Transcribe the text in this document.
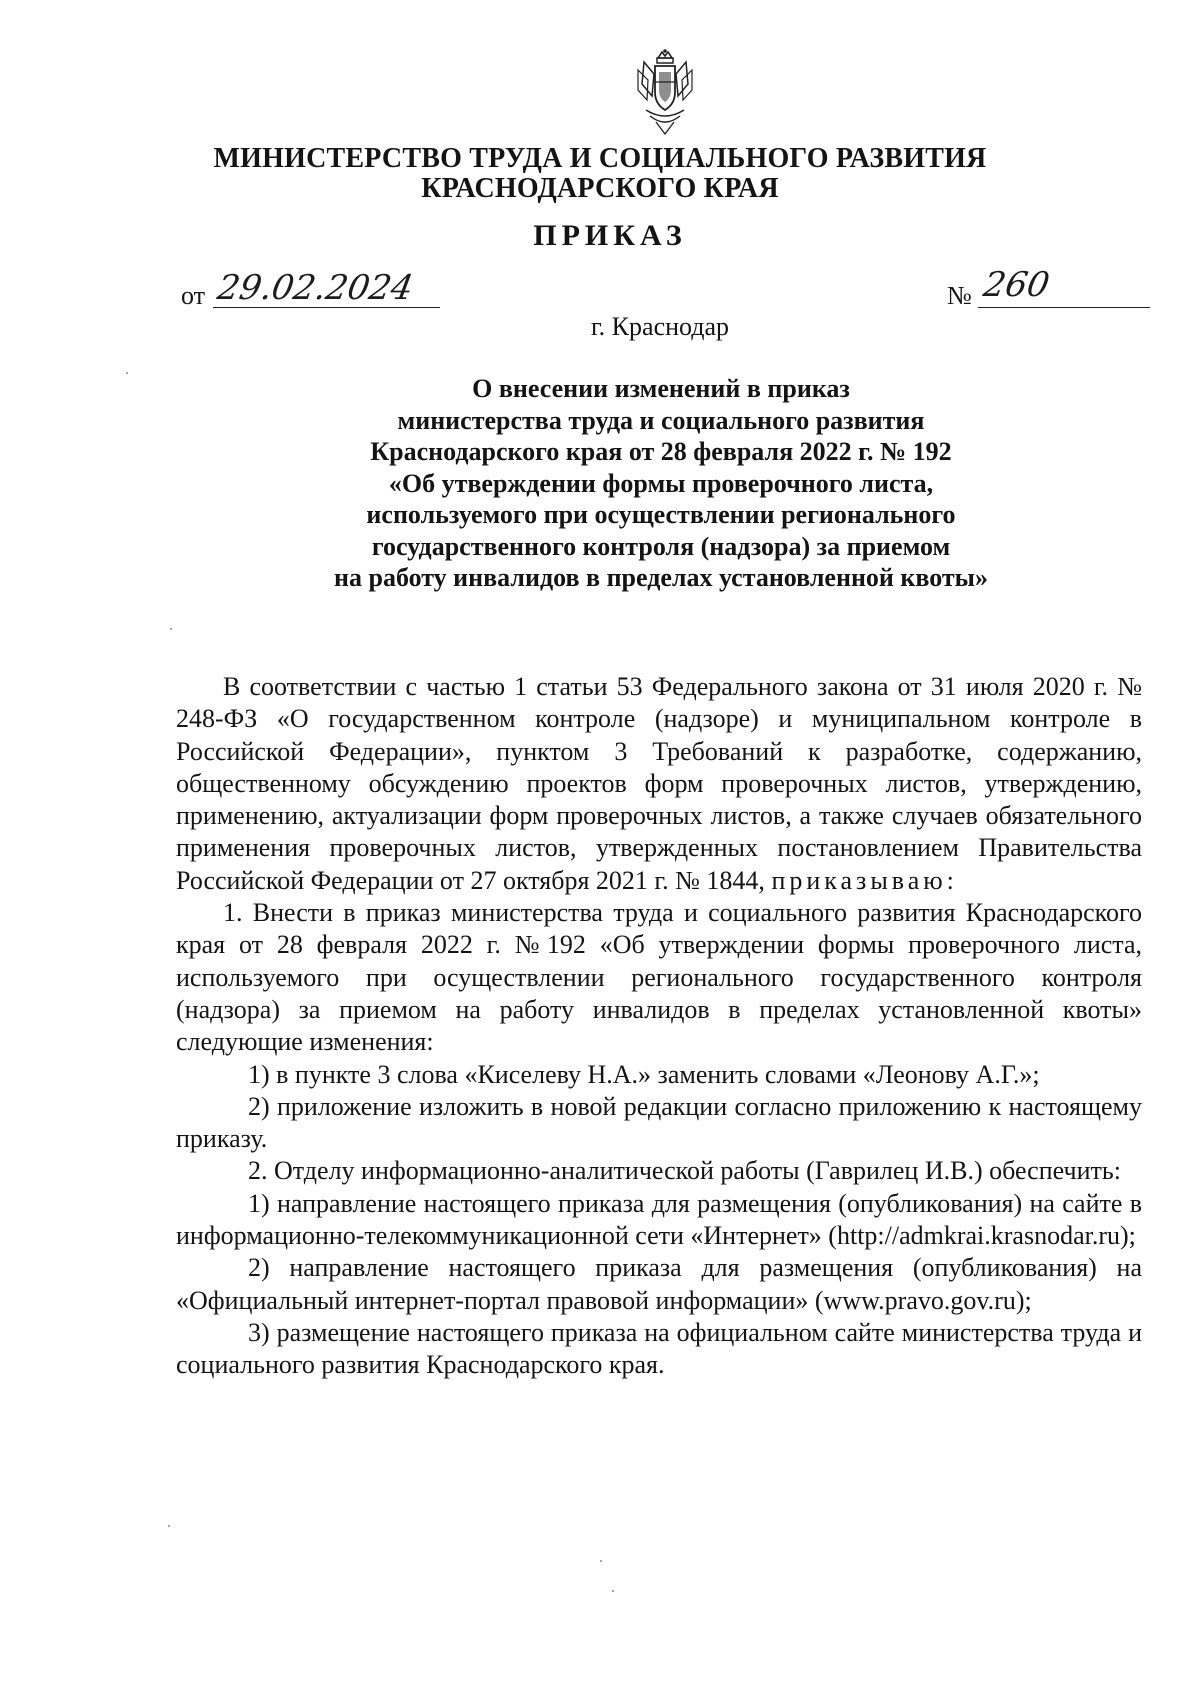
МИНИСТЕРСТВО ТРУДА И СОЦИАЛЬНОГО РАЗВИТИЯ
КРАСНОДАРСКОГО КРАЯ
ПРИКАЗ
от 29.02.2024	№ 260
г. Краснодар
О внесении изменений в приказ
министерства труда и социального развития
Краснодарского края от 28 февраля 2022 г. № 192
«Об утверждении формы проверочного листа,
используемого при осуществлении регионального
государственного контроля (надзора) за приемом
на работу инвалидов в пределах установленной квоты»

В соответствии с частью 1 статьи 53 Федерального закона от 31 июля 2020 г. № 248-ФЗ «О государственном контроле (надзоре) и муниципальном контроле в Российской Федерации», пунктом 3 Требований к разработке, содержанию, общественному обсуждению проектов форм проверочных листов, утверждению, применению, актуализации форм проверочных листов, а также случаев обязательного применения проверочных листов, утвержденных постановлением Правительства Российской Федерации от 27 октября 2021 г. № 1844, приказываю:

1. Внести в приказ министерства труда и социального развития Краснодарского края от 28 февраля 2022 г. №192 «Об утверждении формы проверочного листа, используемого при осуществлении регионального государственного контроля (надзора) за приемом на работу инвалидов в пределах установленной квоты» следующие изменения:

1) в пункте 3 слова «Киселеву Н.А.» заменить словами «Леонову А.Г.»;

2) приложение изложить в новой редакции согласно приложению к настоящему приказу.

2. Отделу информационно-аналитической работы (Гаврилец И.В.) обеспечить:

1) направление настоящего приказа для размещения (опубликования) на сайте в информационно-телекоммуникационной сети «Интернет» (http://admkrai.krasnodar.ru);

2) направление настоящего приказа для размещения (опубликования) на «Официальный интернет-портал правовой информации» (www.pravo.gov.ru);

3) размещение настоящего приказа на официальном сайте министерства труда и социального развития Краснодарского края.
